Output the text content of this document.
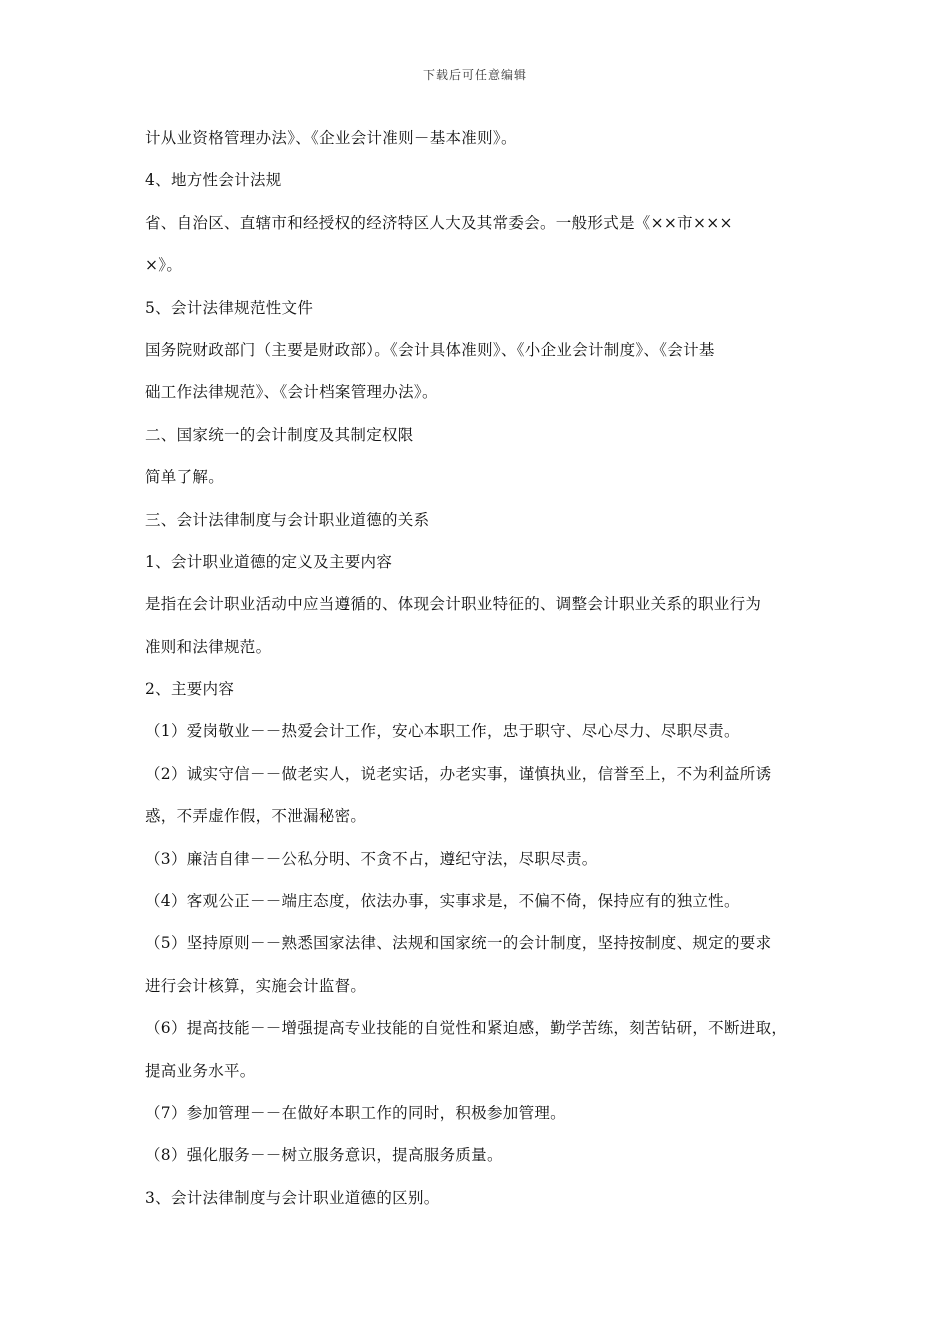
下载后可任意编辑
计从业资格管理办法》、《企业会计准则－基本准则》。
4、地方性会计法规
省、自治区、直辖市和经授权的经济特区人大及其常委会。一般形式是《××市×××
×》。
5、会计法律规范性文件
国务院财政部门（主要是财政部）。《会计具体准则》、《小企业会计制度》、《会计基
础工作法律规范》、《会计档案管理办法》。
二、国家统一的会计制度及其制定权限
简单了解。
三、会计法律制度与会计职业道德的关系
1、会计职业道德的定义及主要内容
是指在会计职业活动中应当遵循的、体现会计职业特征的、调整会计职业关系的职业行为
准则和法律规范。
2、主要内容
（1）爱岗敬业－－热爱会计工作，安心本职工作，忠于职守、尽心尽力、尽职尽责。
（2）诚实守信－－做老实人，说老实话，办老实事，谨慎执业，信誉至上，不为利益所诱
惑，不弄虚作假，不泄漏秘密。
（3）廉洁自律－－公私分明、不贪不占，遵纪守法，尽职尽责。
（4）客观公正－－端庄态度，依法办事，实事求是，不偏不倚，保持应有的独立性。
（5）坚持原则－－熟悉国家法律、法规和国家统一的会计制度，坚持按制度、规定的要求
进行会计核算，实施会计监督。
（6）提高技能－－增强提高专业技能的自觉性和紧迫感，勤学苦练，刻苦钻研，不断进取，
提高业务水平。
（7）参加管理－－在做好本职工作的同时，积极参加管理。
（8）强化服务－－树立服务意识，提高服务质量。
3、会计法律制度与会计职业道德的区别。
